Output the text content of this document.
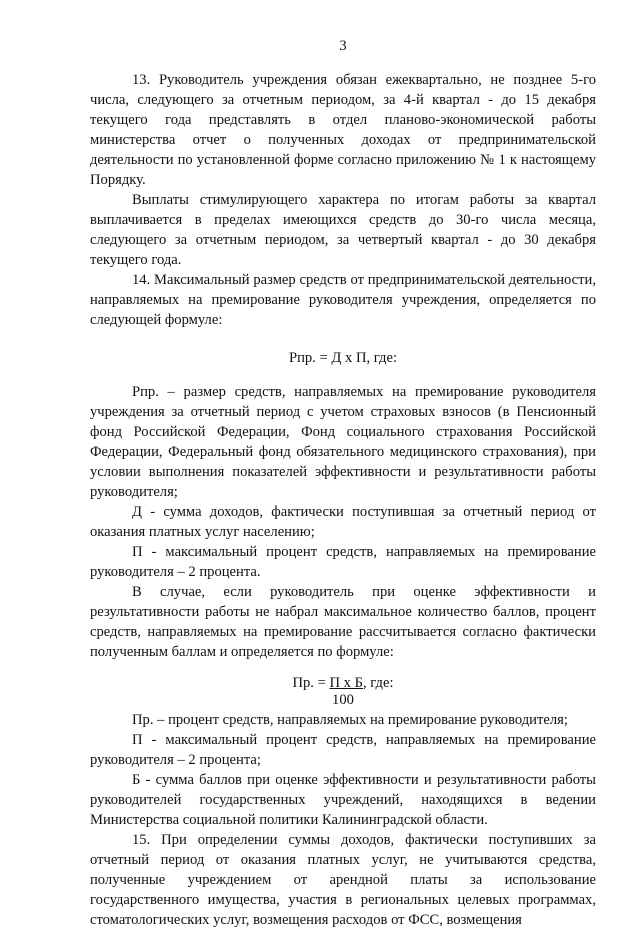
3

13. Руководитель учреждения обязан ежеквартально, не позднее 5-го числа, следующего за отчетным периодом, за 4-й квартал - до 15 декабря текущего года представлять в отдел планово-экономической работы министерства отчет о полученных доходах от предпринимательской деятельности по установленной форме согласно приложению № 1 к настоящему Порядку.

Выплаты стимулирующего характера по итогам работы за квартал выплачивается в пределах имеющихся средств до 30-го числа месяца, следующего за отчетным периодом, за четвертый квартал - до 30 декабря текущего года.

14. Максимальный размер средств от предпринимательской деятельности, направляемых на премирование руководителя учреждения, определяется по следующей формуле:

Рпр. = Д х П, где:

Рпр. – размер средств, направляемых на премирование руководителя учреждения за отчетный период с учетом страховых взносов (в Пенсионный фонд Российской Федерации, Фонд социального страхования Российской Федерации, Федеральный фонд обязательного медицинского страхования), при условии выполнения показателей эффективности и результативности работы руководителя;

Д - сумма доходов, фактически поступившая за отчетный период от оказания платных услуг населению;

П - максимальный процент средств, направляемых на премирование руководителя – 2 процента.

В случае, если руководитель при оценке эффективности и результативности работы не набрал максимальное количество баллов, процент средств, направляемых на премирование рассчитывается согласно фактически полученным баллам и определяется по формуле:

Пр. = П х Б, где:
100

Пр. – процент средств, направляемых на премирование руководителя;

П - максимальный процент средств, направляемых на премирование руководителя – 2 процента;

Б - сумма баллов при оценке эффективности и результативности работы руководителей государственных учреждений, находящихся в ведении Министерства социальной политики Калининградской области.

15. При определении суммы доходов, фактически поступивших за отчетный период от оказания платных услуг, не учитываются средства, полученные учреждением от арендной платы за использование государственного имущества, участия в региональных целевых программах, стоматологических услуг, возмещения расходов от ФСС, возмещения
